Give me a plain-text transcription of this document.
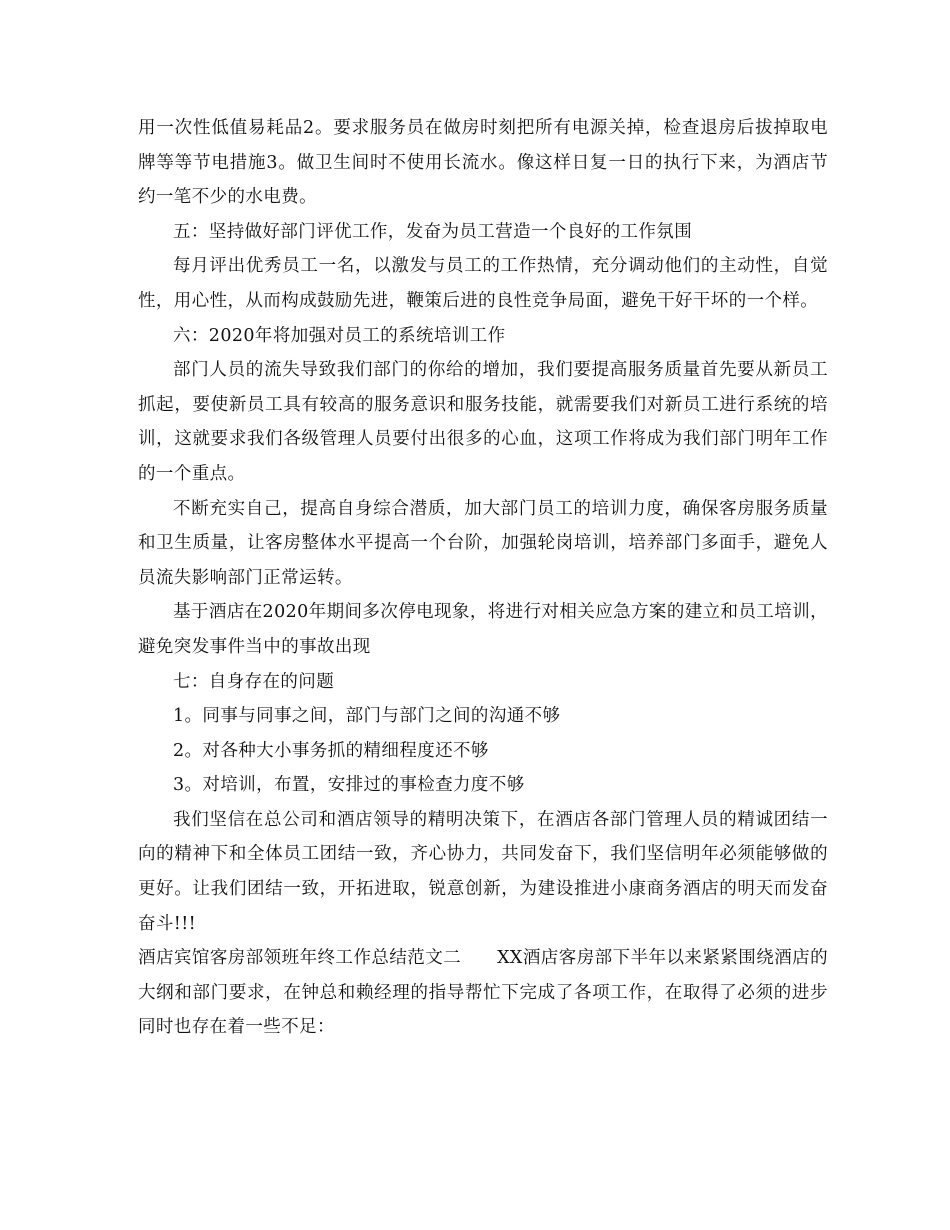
用一次性低值易耗品2。要求服务员在做房时刻把所有电源关掉，检查退房后拔掉取电牌等等节电措施3。做卫生间时不使用长流水。像这样日复一日的执行下来，为酒店节约一笔不少的水电费。

五：坚持做好部门评优工作，发奋为员工营造一个良好的工作氛围

每月评出优秀员工一名，以激发与员工的工作热情，充分调动他们的主动性，自觉性，用心性，从而构成鼓励先进，鞭策后进的良性竞争局面，避免干好干坏的一个样。

六：2020年将加强对员工的系统培训工作

部门人员的流失导致我们部门的你给的增加，我们要提高服务质量首先要从新员工抓起，要使新员工具有较高的服务意识和服务技能，就需要我们对新员工进行系统的培训，这就要求我们各级管理人员要付出很多的心血，这项工作将成为我们部门明年工作的一个重点。

不断充实自己，提高自身综合潜质，加大部门员工的培训力度，确保客房服务质量和卫生质量，让客房整体水平提高一个台阶，加强轮岗培训，培养部门多面手，避免人员流失影响部门正常运转。

基于酒店在2020年期间多次停电现象，将进行对相关应急方案的建立和员工培训，避免突发事件当中的事故出现

七：自身存在的问题

1。同事与同事之间，部门与部门之间的沟通不够

2。对各种大小事务抓的精细程度还不够

3。对培训，布置，安排过的事检查力度不够

我们坚信在总公司和酒店领导的精明决策下，在酒店各部门管理人员的精诚团结一向的精神下和全体员工团结一致，齐心协力，共同发奋下，我们坚信明年必须能够做的更好。让我们团结一致，开拓进取，锐意创新，为建设推进小康商务酒店的明天而发奋奋斗!!!

酒店宾馆客房部领班年终工作总结范文二　　XX酒店客房部下半年以来紧紧围绕酒店的大纲和部门要求，在钟总和赖经理的指导帮忙下完成了各项工作，在取得了必须的进步同时也存在着一些不足：
